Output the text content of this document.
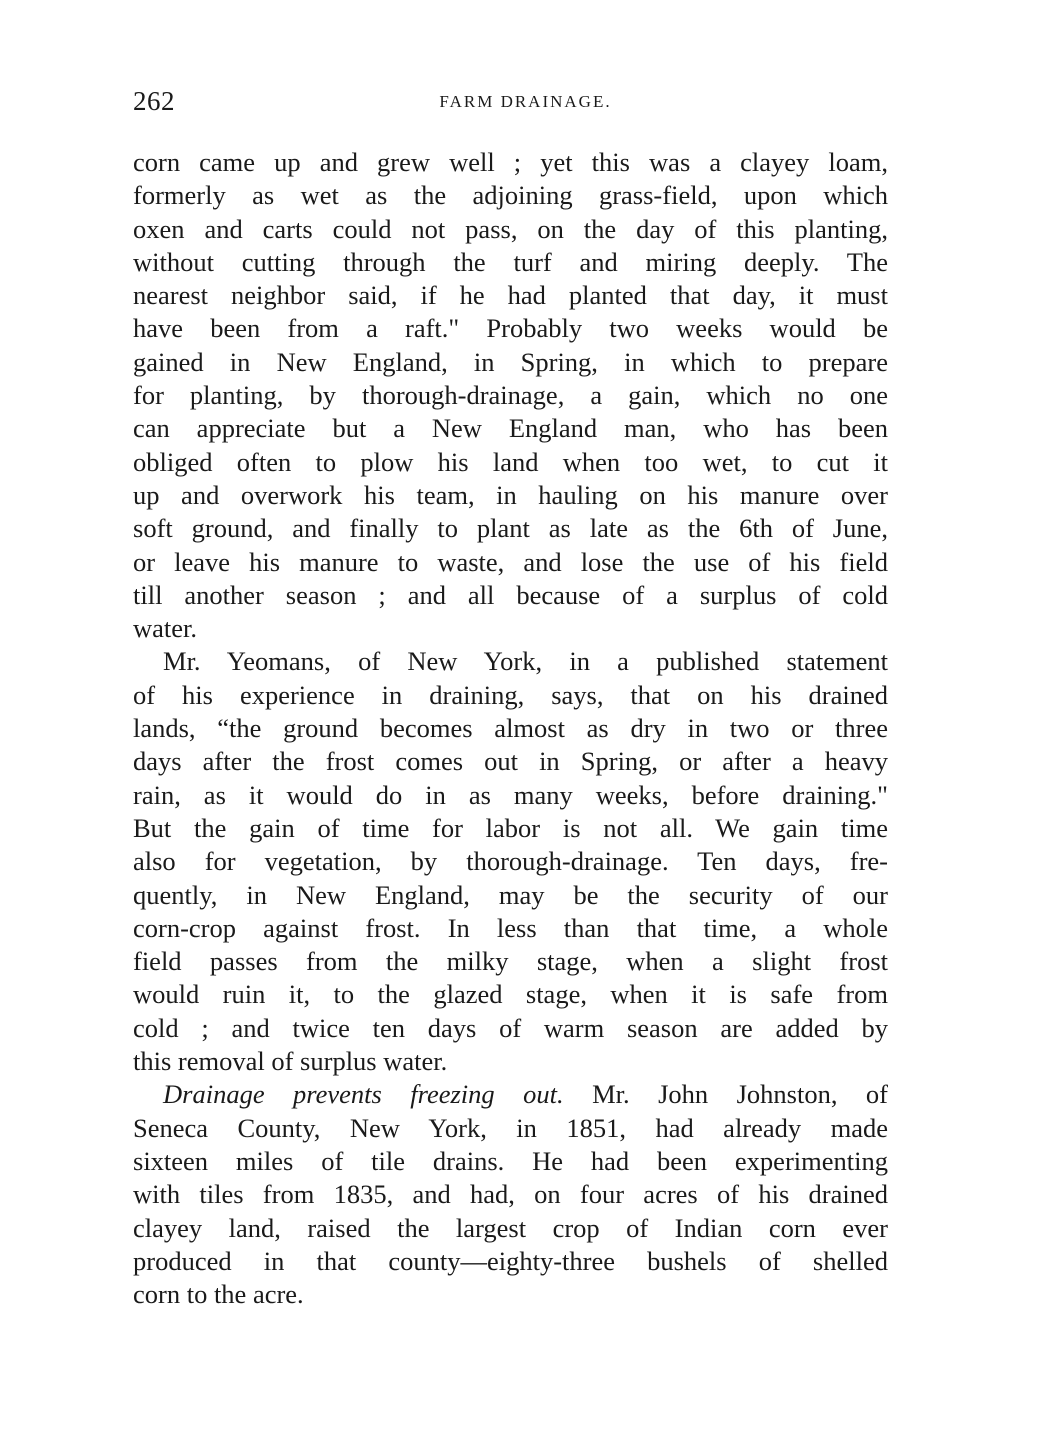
262	FARM DRAINAGE.
corn came up and grew well ; yet this was a clayey loam,
formerly as wet as the adjoining grass-field, upon which
oxen and carts could not pass, on the day of this planting,
without cutting through the turf and miring deeply. The
nearest neighbor said, if he had planted that day, it must
have been from a raft." Probably two weeks would be
gained in New England, in Spring, in which to prepare
for planting, by thorough-drainage, a gain, which no one
can appreciate but a New England man, who has been
obliged often to plow his land when too wet, to cut it
up and overwork his team, in hauling on his manure over
soft ground, and finally to plant as late as the 6th of June,
or leave his manure to waste, and lose the use of his field
till another season ; and all because of a surplus of cold
water.
Mr. Yeomans, of New York, in a published statement
of his experience in draining, says, that on his drained
lands, “the ground becomes almost as dry in two or three
days after the frost comes out in Spring, or after a heavy
rain, as it would do in as many weeks, before draining."
But the gain of time for labor is not all. We gain time
also for vegetation, by thorough-drainage. Ten days, fre-
quently, in New England, may be the security of our
corn-crop against frost. In less than that time, a whole
field passes from the milky stage, when a slight frost
would ruin it, to the glazed stage, when it is safe from
cold ; and twice ten days of warm season are added by
this removal of surplus water.
Drainage prevents freezing out. Mr. John Johnston, of
Seneca County, New York, in 1851, had already made
sixteen miles of tile drains. He had been experimenting
with tiles from 1835, and had, on four acres of his drained
clayey land, raised the largest crop of Indian corn ever
produced in that county—eighty-three bushels of shelled
corn to the acre.
